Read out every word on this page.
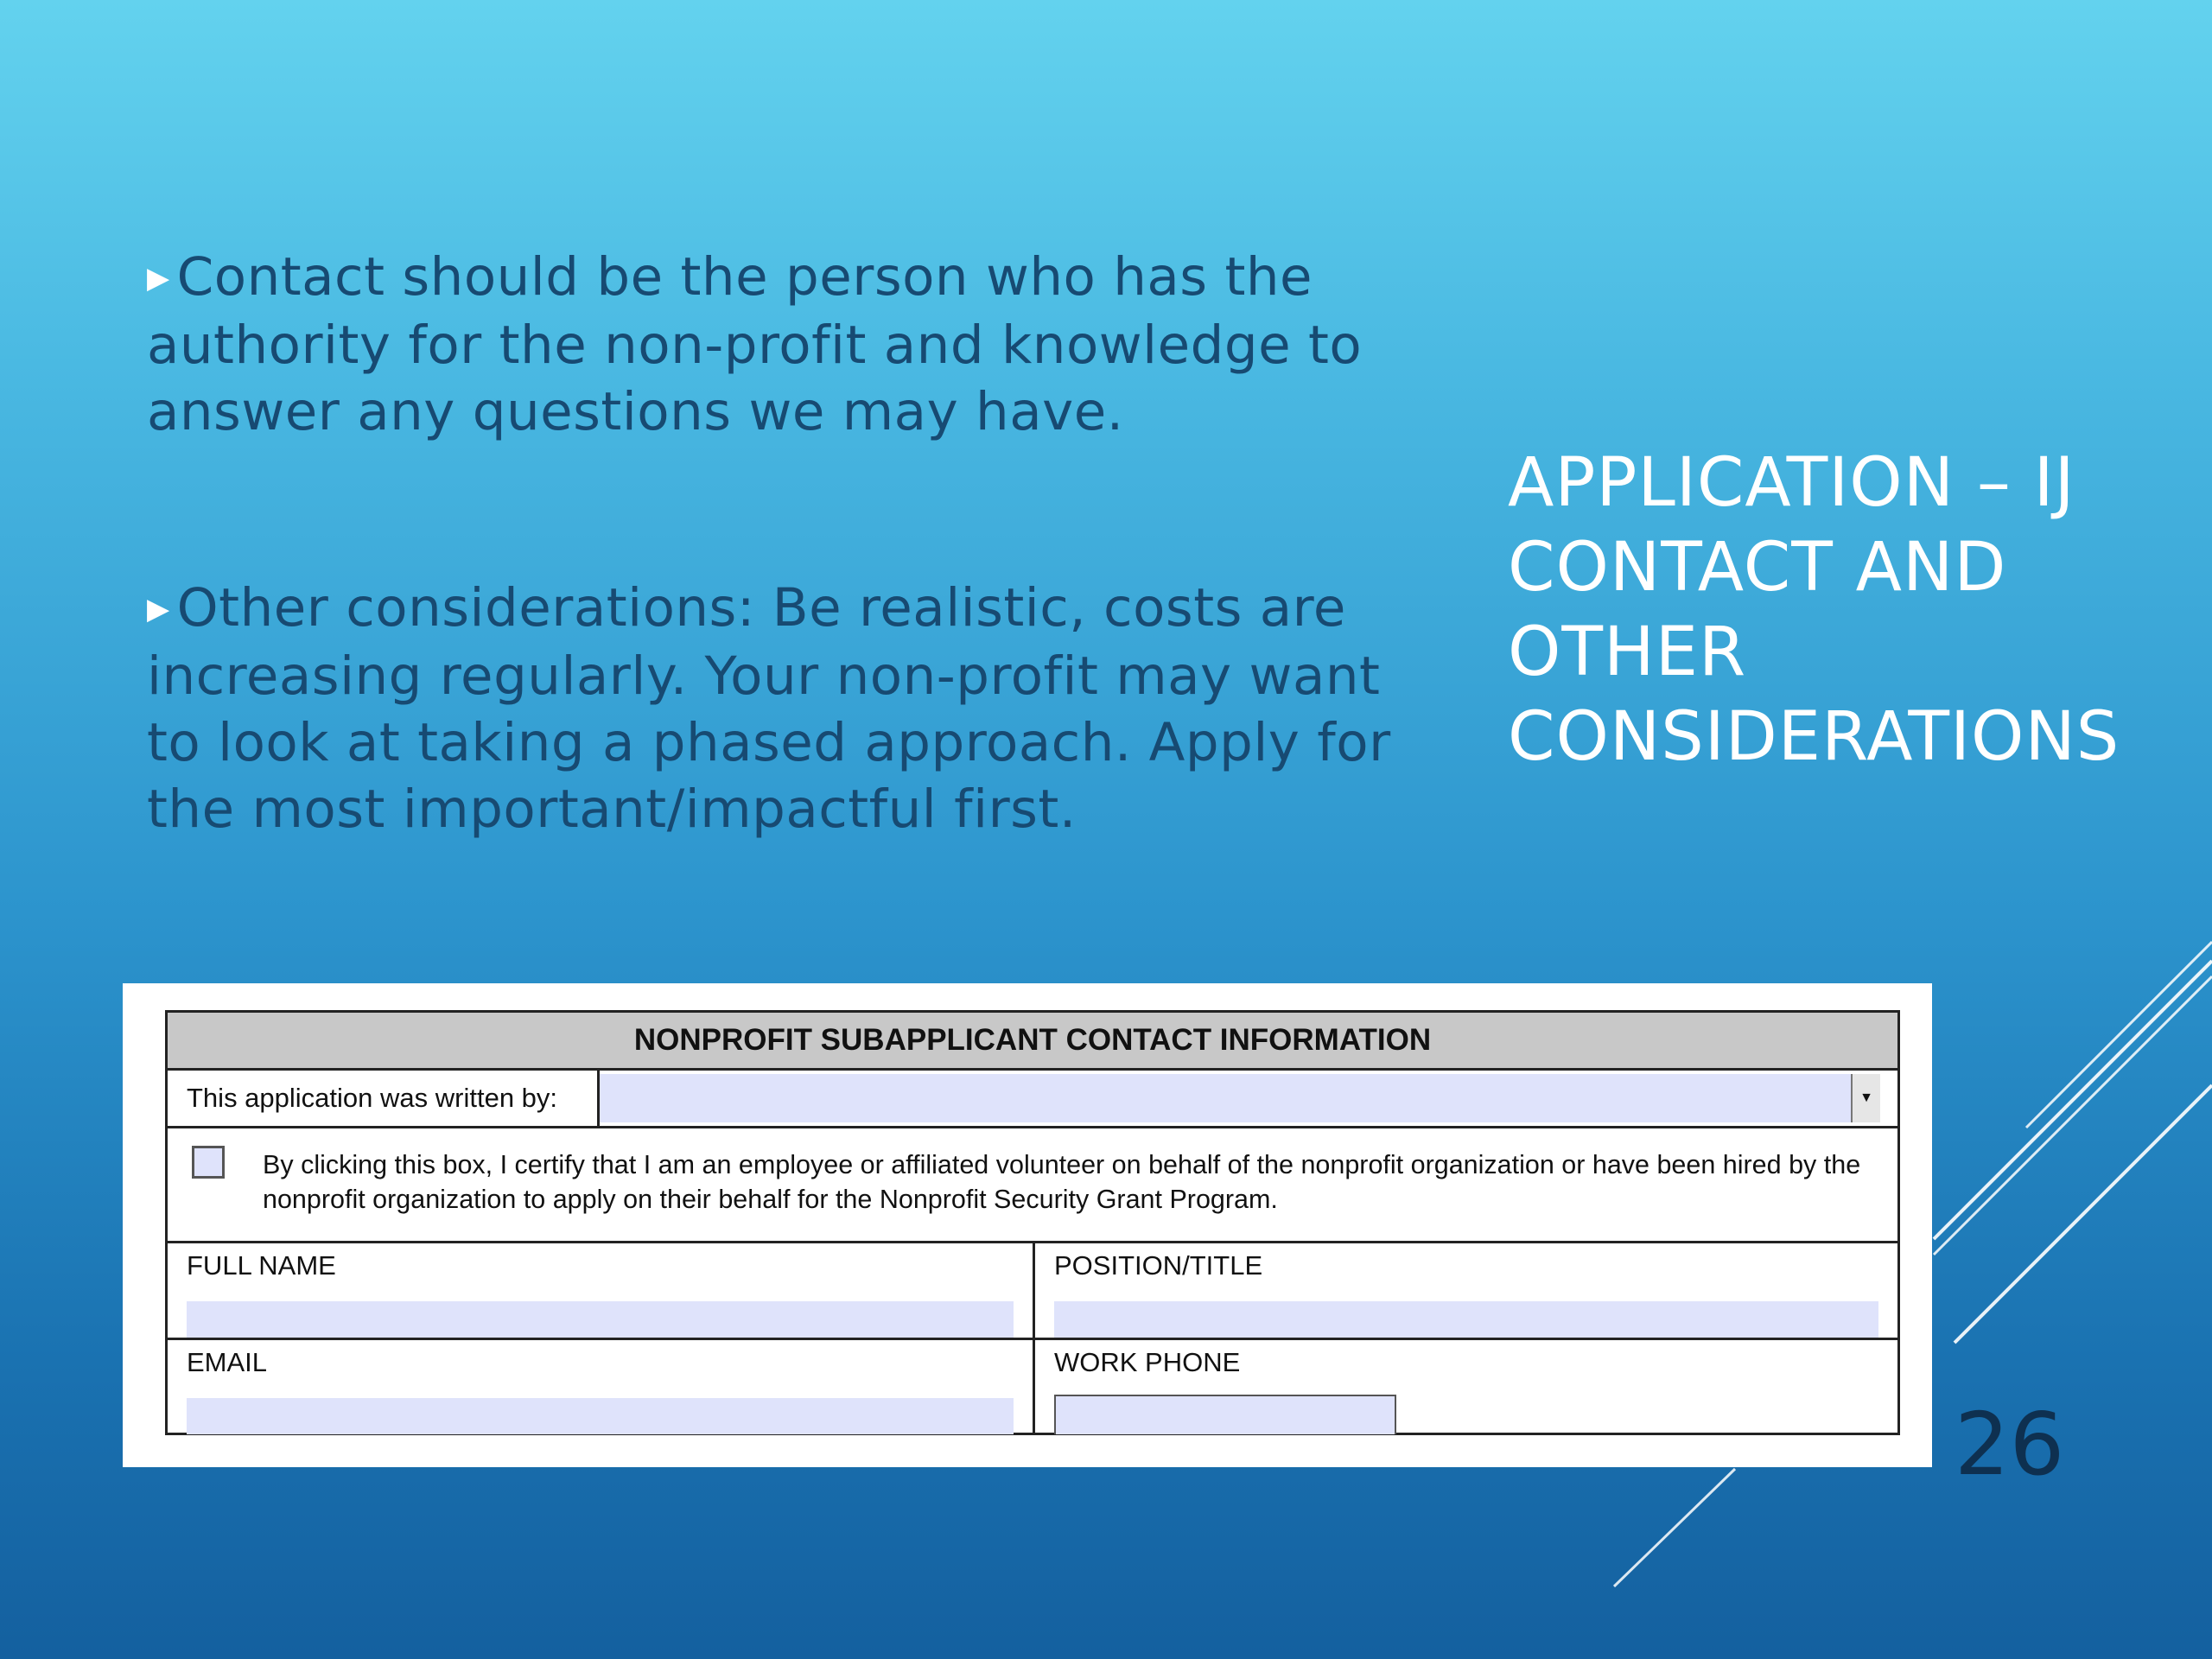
▶ Contact should be the person who has the authority for the non-profit and knowledge to answer any questions we may have.

▶ Other considerations: Be realistic, costs are increasing regularly. Your non-profit may want to look at taking a phased approach. Apply for the most important/impactful first.

APPLICATION – IJ CONTACT AND OTHER CONSIDERATIONS
26
NONPROFIT SUBAPPLICANT CONTACT INFORMATION
This application was written by:	▼
By clicking this box, I certify that I am an employee or affiliated volunteer on behalf of the nonprofit organization or have been hired by the nonprofit organization to apply on their behalf for the Nonprofit Security Grant Program.
FULL NAME	POSITION/TITLE
EMAIL	WORK PHONE
